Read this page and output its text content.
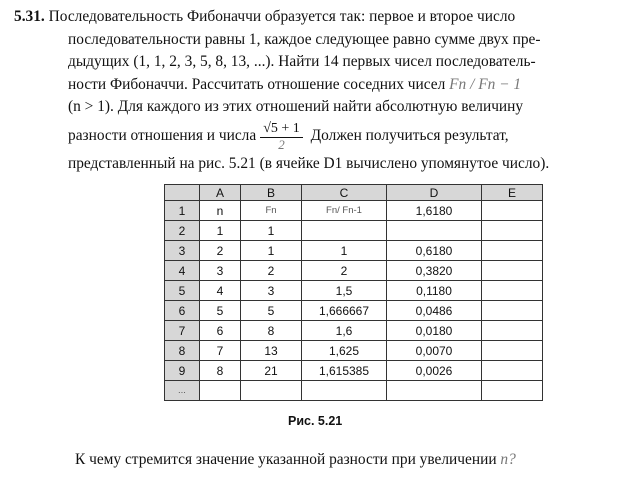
5.31. Последовательность Фибоначчи образуется так: первое и второе число
последовательности равны 1, каждое следующее равно сумме двух пре-
дыдущих (1, 1, 2, 3, 5, 8, 13, ...). Найти 14 первых чисел последователь-
ности Фибоначчи. Рассчитать отношение соседних чисел Fn / Fn − 1
(n > 1). Для каждого из этих отношений найти абсолютную величину
разности отношения и числа $\frac{√5 + 1}{2}$ Должен получиться результат,
представленный на рис. 5.21 (в ячейке D1 вычислено упомянутое число).
	A	B	C	D	E
1	n	Fn	Fn/ Fn-1	1,6180	
2	1	1			
3	2	1	1	0,6180	
4	3	2	2	0,3820	
5	4	3	1,5	0,1180	
6	5	5	1,666667	0,0486	
7	6	8	1,6	0,0180	
8	7	13	1,625	0,0070	
9	8	21	1,615385	0,0026	
...					
Рис. 5.21
К чему стремится значение указанной разности при увеличении n?
